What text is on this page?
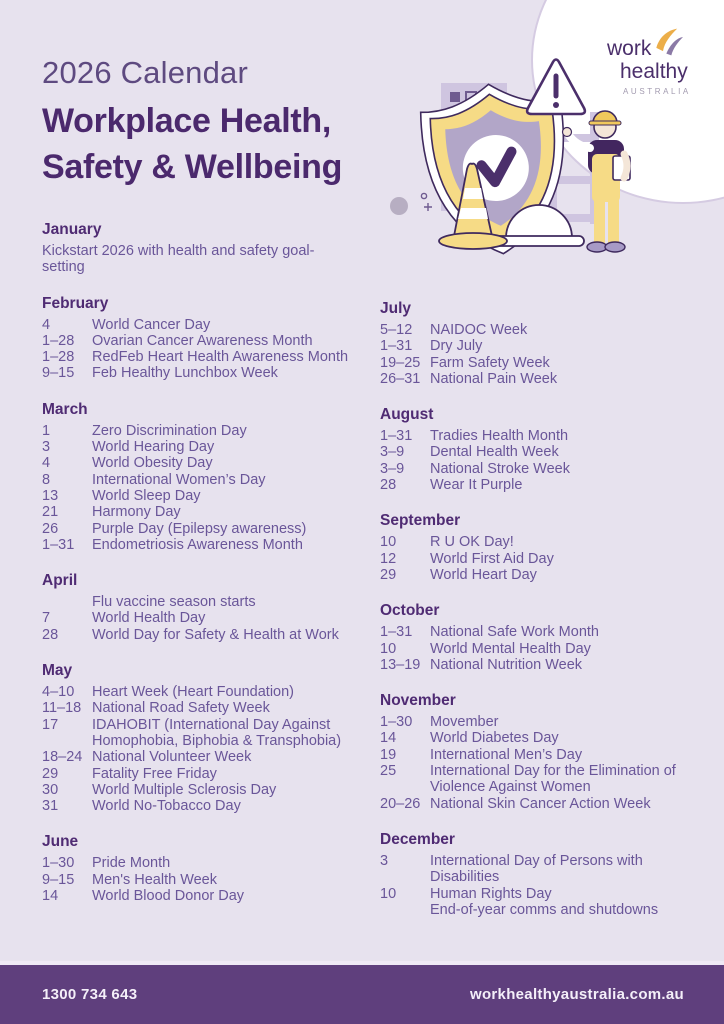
work
healthy
AUSTRALIA
2026 Calendar
Workplace Health,
Safety & Wellbeing
January
Kickstart 2026 with health and safety goal-setting
February
4	World Cancer Day
1–28	Ovarian Cancer Awareness Month
1–28	RedFeb Heart Health Awareness Month
9–15	Feb Healthy Lunchbox Week
March
1	Zero Discrimination Day
3	World Hearing Day
4	World Obesity Day
8	International Women’s Day
13	World Sleep Day
21	Harmony Day
26	Purple Day (Epilepsy awareness)
1–31	Endometriosis Awareness Month
April
Flu vaccine season starts
7	World Health Day
28	World Day for Safety & Health at Work
May
4–10	Heart Week (Heart Foundation)
11–18 National Road Safety Week
17	IDAHOBIT (International Day Against Homophobia, Biphobia & Transphobia)
18–24 National Volunteer Week
29	Fatality Free Friday
30	World Multiple Sclerosis Day
31	World No-Tobacco Day
June
1–30	Pride Month
9–15	Men's Health Week
14	World Blood Donor Day
July
5–12	NAIDOC Week
1–31	Dry July
19–25 Farm Safety Week
26–31 National Pain Week
August
1–31	Tradies Health Month
3–9	Dental Health Week
3–9	National Stroke Week
28	Wear It Purple
September
10	R U OK Day!
12	World First Aid Day
29	World Heart Day
October
1–31	National Safe Work Month
10	World Mental Health Day
13–19 National Nutrition Week
November
1–30	Movember
14	World Diabetes Day
19	International Men’s Day
25	International Day for the Elimination of Violence Against Women
20–26 National Skin Cancer Action Week
December
3	International Day of Persons with Disabilities
10	Human Rights Day
End-of-year comms and shutdowns
1300 734 643	workhealthyaustralia.com.au
